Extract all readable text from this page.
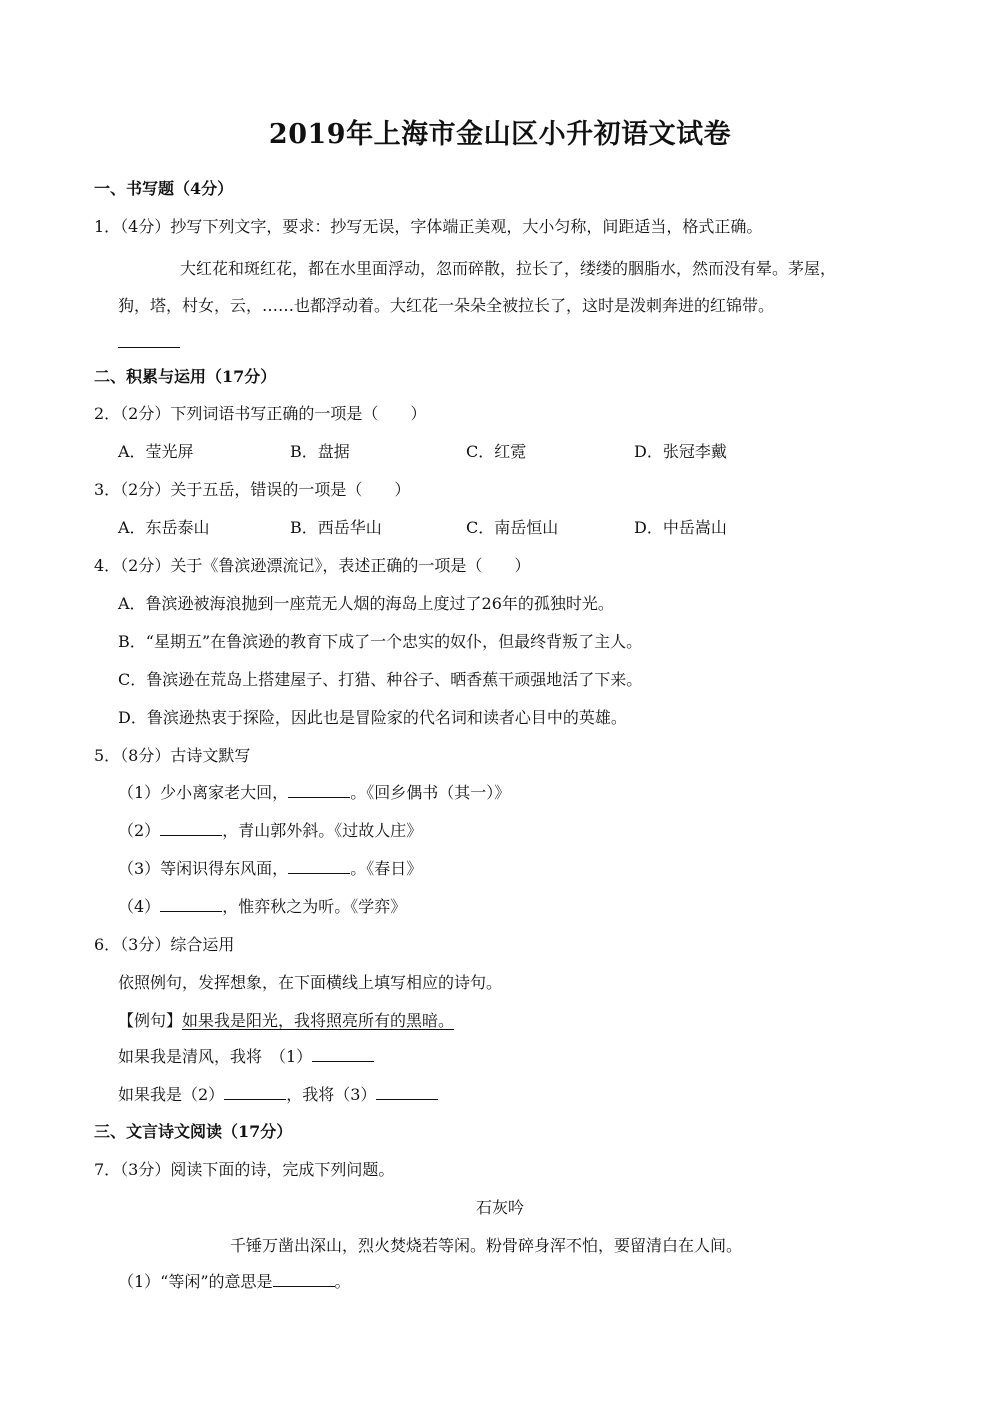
2019年上海市金山区小升初语文试卷
一、书写题（4分）
1．（4分）抄写下列文字，要求：抄写无误，字体端正美观，大小匀称，间距适当，格式正确。
大红花和斑红花，都在水里面浮动，忽而碎散，拉长了，缕缕的胭脂水，然而没有晕。茅屋，
狗，塔，村女，云，……也都浮动着。大红花一朵朵全被拉长了，这时是泼刺奔进的红锦带。
二、积累与运用（17分）
2．（2分）下列词语书写正确的一项是（　　）
A．莹光屏	B．盘据	C．红霓	D．张冠李戴
3．（2分）关于五岳，错误的一项是（　　）
A．东岳泰山	B．西岳华山	C．南岳恒山	D．中岳嵩山
4．（2分）关于《鲁滨逊漂流记》，表述正确的一项是（　　）
A．鲁滨逊被海浪抛到一座荒无人烟的海岛上度过了26年的孤独时光。
B．“星期五”在鲁滨逊的教育下成了一个忠实的奴仆，但最终背叛了主人。
C．鲁滨逊在荒岛上搭建屋子、打猎、种谷子、晒香蕉干顽强地活了下来。
D．鲁滨逊热衷于探险，因此也是冒险家的代名词和读者心目中的英雄。
5．（8分）古诗文默写
（1）少小离家老大回，	。《回乡偶书（其一）》
（2）	，青山郭外斜。《过故人庄》
（3）等闲识得东风面，	。《春日》
（4）	，惟弈秋之为听。《学弈》
6．（3分）综合运用
依照例句，发挥想象，在下面横线上填写相应的诗句。
【例句】如果我是阳光，我将照亮所有的黑暗。
如果我是清风，我将　（1）
如果我是（2）	，我将（3）
三、文言诗文阅读（17分）
7．（3分）阅读下面的诗，完成下列问题。
石灰吟
千锤万凿出深山，烈火焚烧若等闲。粉骨碎身浑不怕，要留清白在人间。
（1）“等闲”的意思是	。
